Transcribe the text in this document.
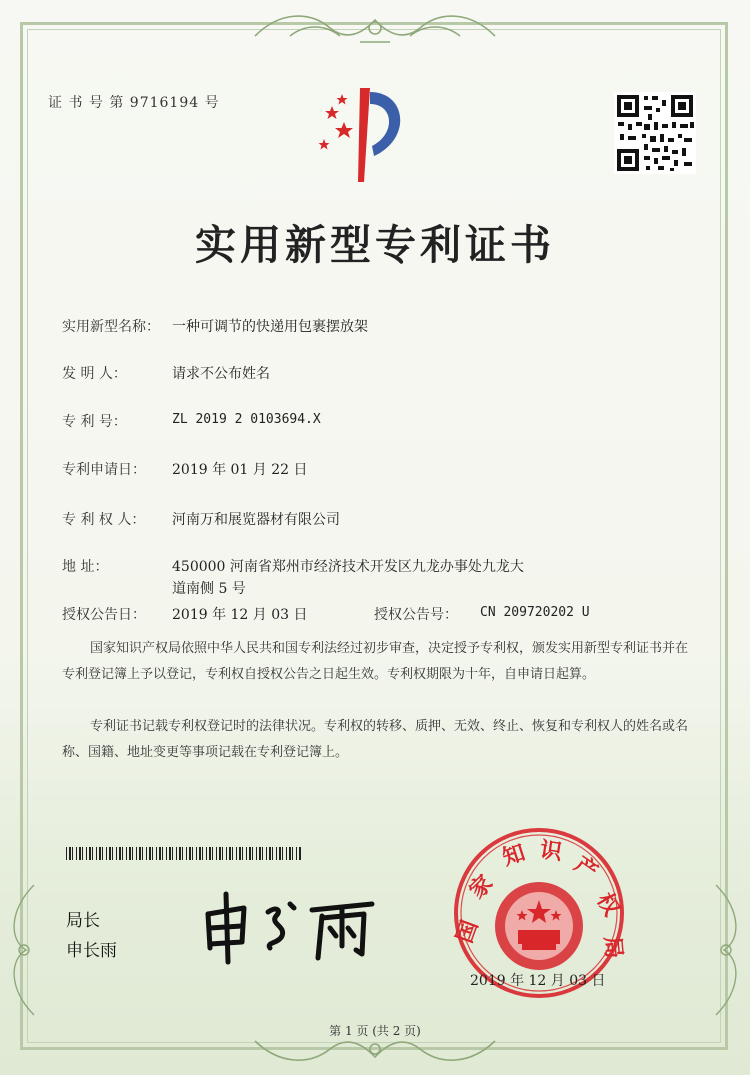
证 书 号 第 9716194 号
实用新型专利证书
实用新型名称： 一种可调节的快递用包裹摆放架
发 明 人：	请求不公布姓名
专 利 号：	ZL 2019 2 0103694.X
专利申请日： 2019 年 01 月 22 日
专 利 权 人： 河南万和展览器材有限公司
地 址：	450000 河南省郑州市经济技术开发区九龙办事处九龙大
道南侧 5 号
授权公告日： 2019 年 12 月 03 日	授权公告号： CN 209720202 U
国家知识产权局依照中华人民共和国专利法经过初步审查，决定授予专利权，颁发实用新型专利证书并在专利登记簿上予以登记，专利权自授权公告之日起生效。专利权期限为十年，自申请日起算。
专利证书记载专利权登记时的法律状况。专利权的转移、质押、无效、终止、恢复和专利权人的姓名或名称、国籍、地址变更等事项记载在专利登记簿上。
局长
申长雨
国
家
知 识
产
权
局
2019 年 12 月 03 日
第 1 页 (共 2 页)
